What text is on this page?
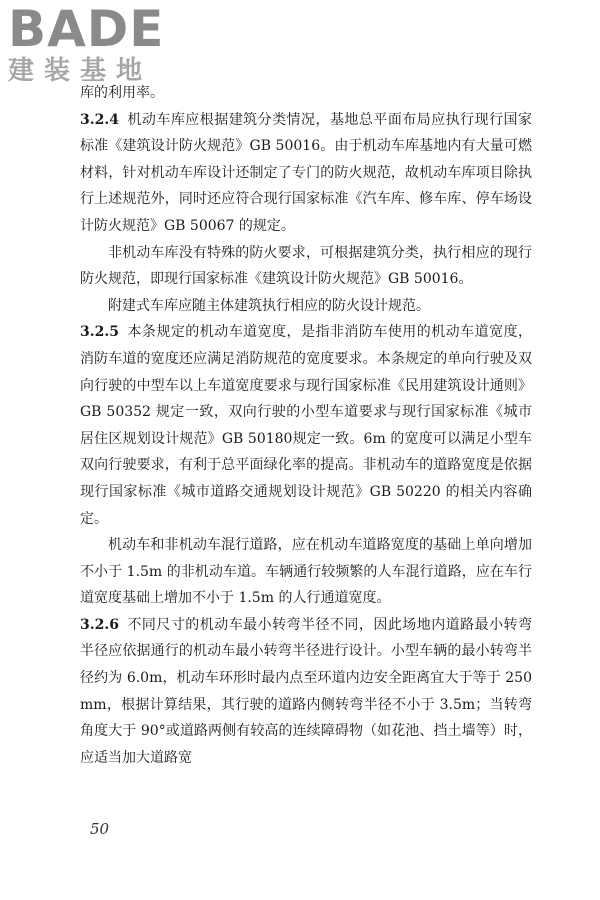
BADE
建装基地

库的利用率。

3.2.4 机动车库应根据建筑分类情况，基地总平面布局应执行现行国家标准《建筑设计防火规范》GB 50016。由于机动车库基地内有大量可燃材料，针对机动车库设计还制定了专门的防火规范，故机动车库项目除执行上述规范外，同时还应符合现行国家标准《汽车库、修车库、停车场设计防火规范》GB 50067 的规定。

非机动车库没有特殊的防火要求，可根据建筑分类，执行相应的现行防火规范，即现行国家标准《建筑设计防火规范》GB 50016。

附建式车库应随主体建筑执行相应的防火设计规范。

3.2.5 本条规定的机动车道宽度，是指非消防车使用的机动车道宽度，消防车道的宽度还应满足消防规范的宽度要求。本条规定的单向行驶及双向行驶的中型车以上车道宽度要求与现行国家标准《民用建筑设计通则》GB 50352 规定一致，双向行驶的小型车道要求与现行国家标准《城市居住区规划设计规范》GB 50180规定一致。6m 的宽度可以满足小型车双向行驶要求，有利于总平面绿化率的提高。非机动车的道路宽度是依据现行国家标准《城市道路交通规划设计规范》GB 50220 的相关内容确定。

机动车和非机动车混行道路，应在机动车道路宽度的基础上单向增加不小于 1.5m 的非机动车道。车辆通行较频繁的人车混行道路，应在车行道宽度基础上增加不小于 1.5m 的人行通道宽度。

3.2.6 不同尺寸的机动车最小转弯半径不同，因此场地内道路最小转弯半径应依据通行的机动车最小转弯半径进行设计。小型车辆的最小转弯半径约为 6.0m，机动车环形时最内点至环道内边安全距离宜大于等于 250mm，根据计算结果，其行驶的道路内侧转弯半径不小于 3.5m；当转弯角度大于 90°或道路两侧有较高的连续障碍物（如花池、挡土墙等）时，应适当加大道路宽

50
